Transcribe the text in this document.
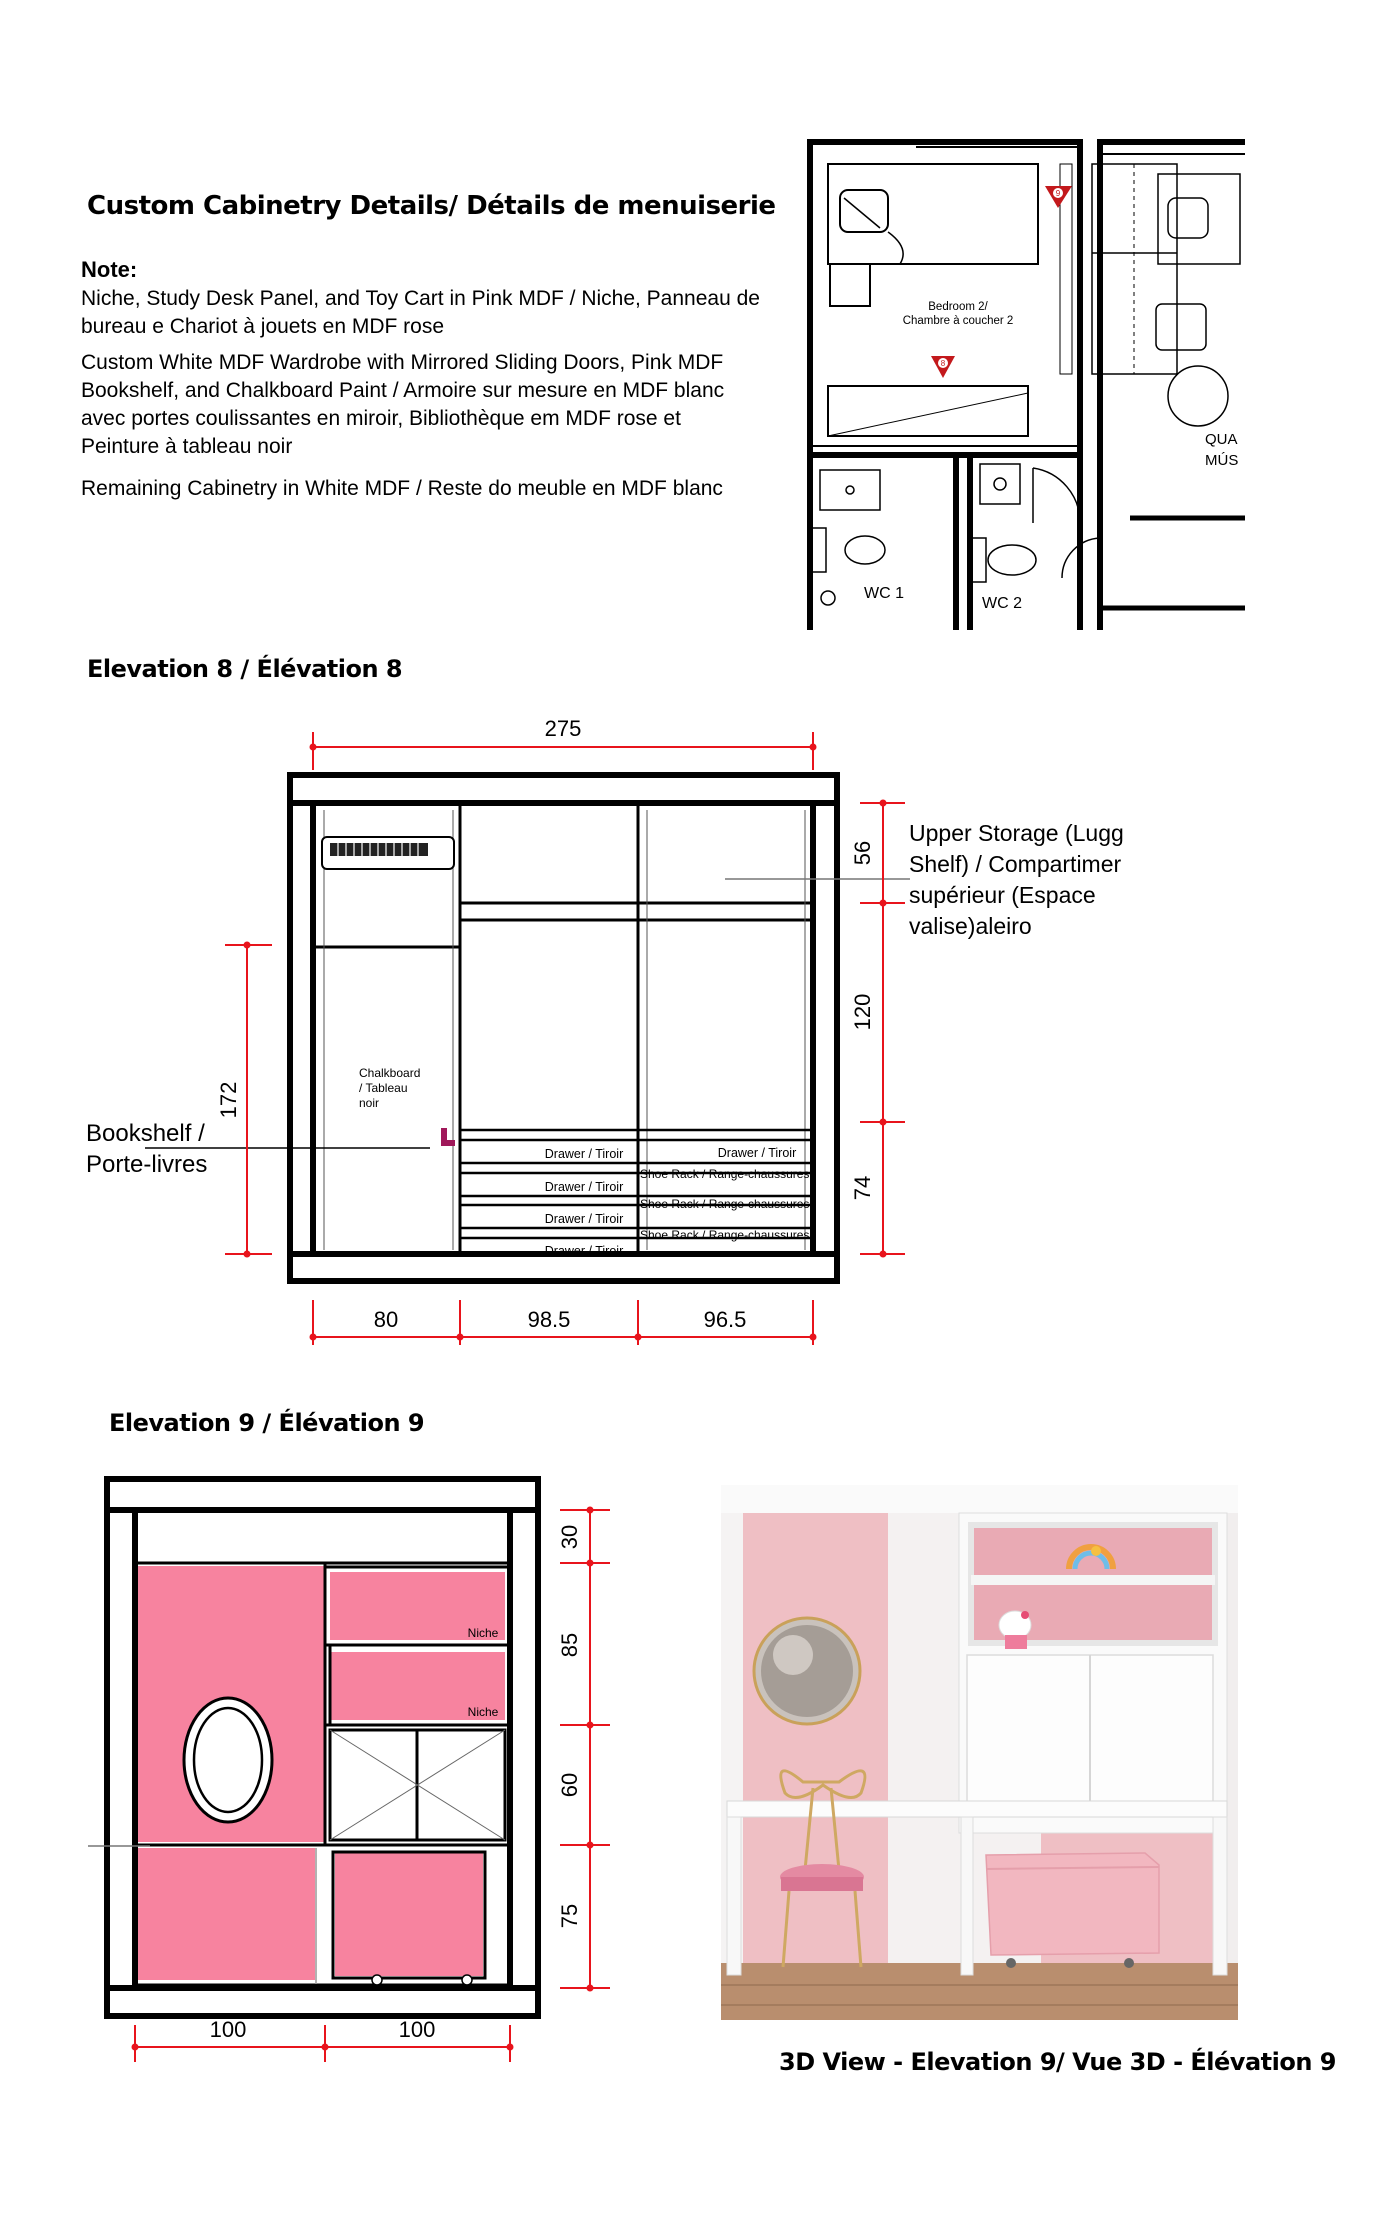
Custom Cabinetry Details/ Détails de menuiserie
Note:
Niche, Study Desk Panel, and Toy Cart in Pink MDF / Niche, Panneau de bureau e Chariot à jouets en MDF rose
Custom White MDF Wardrobe with Mirrored Sliding Doors, Pink MDF Bookshelf, and Chalkboard Paint / Armoire sur mesure en MDF blanc avec portes coulissantes en miroir, Bibliothèque em MDF rose et Peinture à tableau noir
Remaining Cabinetry in White MDF / Reste do meuble en MDF blanc
QUA
MÚS
Bedroom 2/
Chambre à coucher 2
9
8
WC 1
WC 2
Elevation 8 / Élévation 8
275
Drawer / Tiroir
Drawer / Tiroir
Drawer / Tiroir
Drawer / Tiroir
Drawer / Tiroir
Shoe Rack / Range-chaussures
Shoe Rack / Range-chaussures
Shoe Rack / Range-chaussures
Chalkboard
/ Tableau
noir
Bookshelf /
Porte-livres
Upper Storage (Lugg
Shelf) / Compartimer
supérieur (Espace
valise)aleiro
56
120
74
172
80	98.5	96.5
Elevation 9 / Élévation 9
Niche
Niche
30
85
60
75
100	100
3D View - Elevation 9/ Vue 3D - Élévation 9
